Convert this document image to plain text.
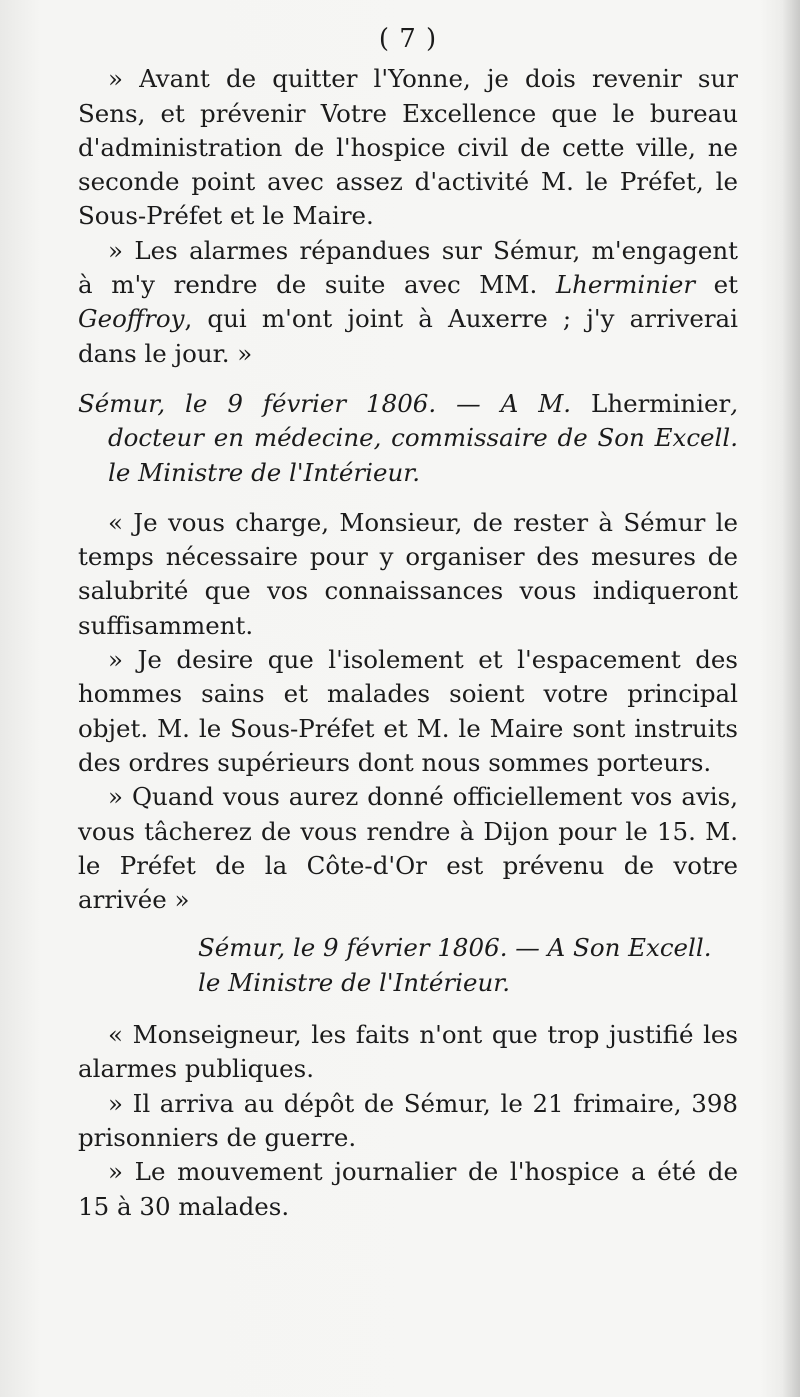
( 7 )

» Avant de quitter l'Yonne, je dois revenir sur Sens, et prévenir Votre Excellence que le bureau d'administration de l'hospice civil de cette ville, ne seconde point avec assez d'activité M. le Préfet, le Sous-Préfet et le Maire.

» Les alarmes répandues sur Sémur, m'engagent à m'y rendre de suite avec MM. Lherminier et Geoffroy, qui m'ont joint à Auxerre ; j'y arriverai dans le jour. »

Sémur, le 9 février 1806. — A M. Lherminier, docteur en médecine, commissaire de Son Excell. le Ministre de l'Intérieur.

« Je vous charge, Monsieur, de rester à Sémur le temps nécessaire pour y organiser des mesures de salubrité que vos connaissances vous indiqueront suffisamment.

» Je desire que l'isolement et l'espacement des hommes sains et malades soient votre principal objet. M. le Sous-Préfet et M. le Maire sont instruits des ordres supérieurs dont nous sommes porteurs.

» Quand vous aurez donné officiellement vos avis, vous tâcherez de vous rendre à Dijon pour le 15. M. le Préfet de la Côte-d'Or est prévenu de votre arrivée »

Sémur, le 9 février 1806. — A Son Excell.
le Ministre de l'Intérieur.

« Monseigneur, les faits n'ont que trop justifié les alarmes publiques.

» Il arriva au dépôt de Sémur, le 21 frimaire, 398 prisonniers de guerre.

» Le mouvement journalier de l'hospice a été de 15 à 30 malades.
